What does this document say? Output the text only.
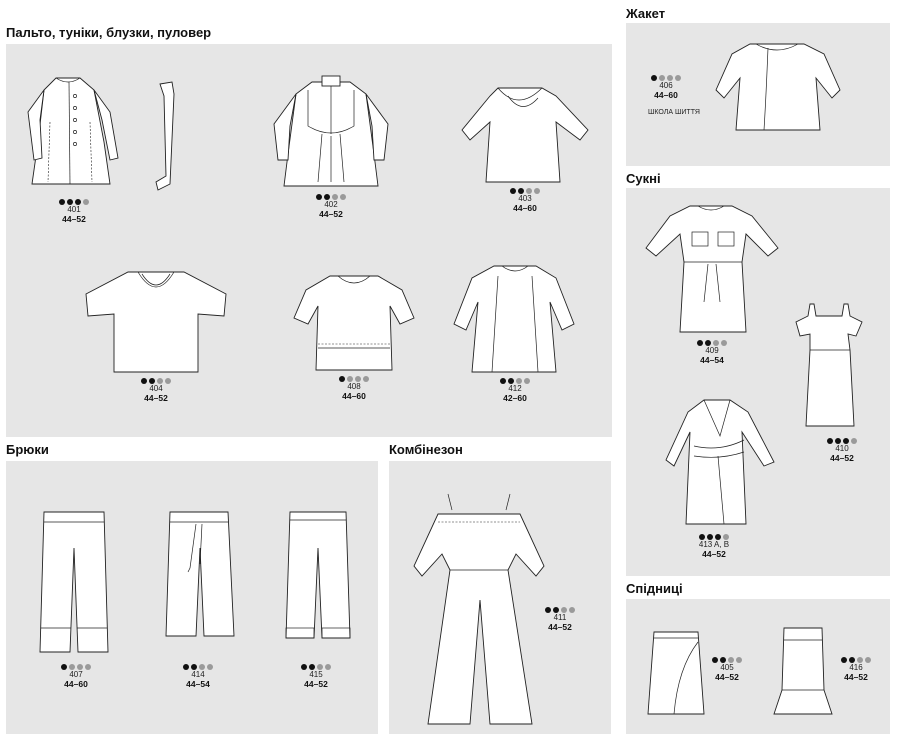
Пальто, туніки, блузки, пуловер
Жакет
Сукні
Брюки	Комбінезон
Спідниці
401
44–52
402
44–52
403
44–60
404
44–52
408
44–60
412
42–60
406
44–60
ШКОЛА ШИТТЯ
409
44–54
410
44–52
413 A, B
44–52
407
44–60
414
44–54
415
44–52
411
44–52
405
44–52
416
44–52
